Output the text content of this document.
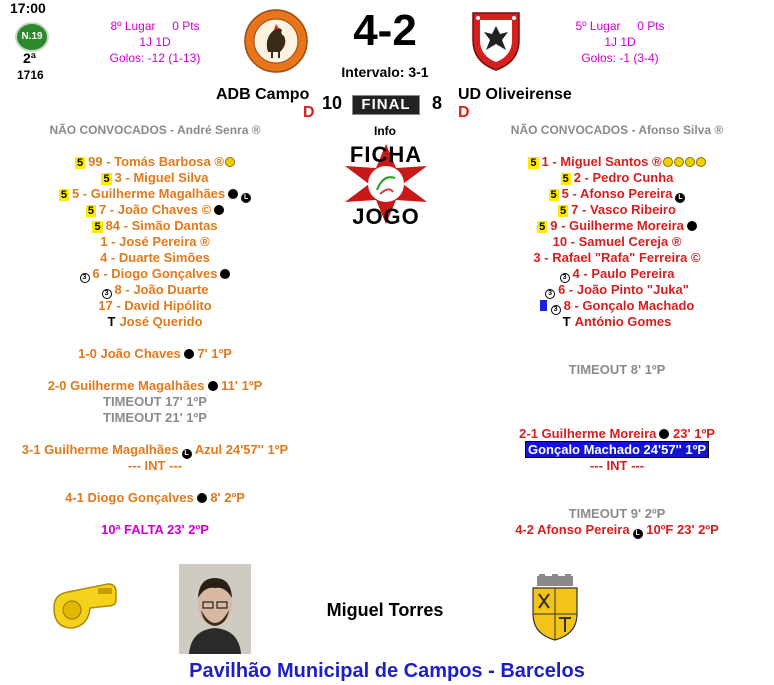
17:00
N.19
2ª
1716
8º Lugar 0 Pts
1J 1D
Golos: -12 (1-13)
5º Lugar 0 Pts
1J 1D
Golos: -1 (3-4)
4-2
Intervalo: 3-1
ADB Campo 10	FINAL	8 UD Oliveirense
D	D
Info
FICHA
JOGO
NÃO CONVOCADOS - André Senra ®
5 99 - Tomás Barbosa ®
5 3 - Miguel Silva
5 5 - Guilherme Magalhães	L
5 7 - João Chaves ©
5 84 - Simão Dantas
1 - José Pereira ®
4 - Duarte Simões
3 6 - Diogo Gonçalves
3 8 - João Duarte
17 - David Hipólito
T José Querido
1-0 João Chaves 7' 1ºP
2-0 Guilherme Magalhães 11' 1ºP
TIMEOUT 17' 1ºP
TIMEOUT 21' 1ºP
3-1 Guilherme Magalhães L Azul 24'57'' 1ºP
--- INT ---
4-1 Diogo Gonçalves 8' 2ºP
10ª FALTA 23' 2ºP
NÃO CONVOCADOS - Afonso Silva ®
5 1 - Miguel Santos ®
5 2 - Pedro Cunha
5 5 - Afonso Pereira L
5 7 - Vasco Ribeiro
5 9 - Guilherme Moreira
10 - Samuel Cereja ®
3 - Rafael "Rafa" Ferreira ©
3 4 - Paulo Pereira
3 6 - João Pinto "Juka"
3 8 - Gonçalo Machado
T António Gomes
TIMEOUT 8' 1ºP
2-1 Guilherme Moreira 23' 1ºP
Gonçalo Machado 24'57'' 1ºP
--- INT ---
TIMEOUT 9' 2ºP
4-2 Afonso Pereira L 10ºF 23' 2ºP
Miguel Torres
Pavilhão Municipal de Campos - Barcelos
